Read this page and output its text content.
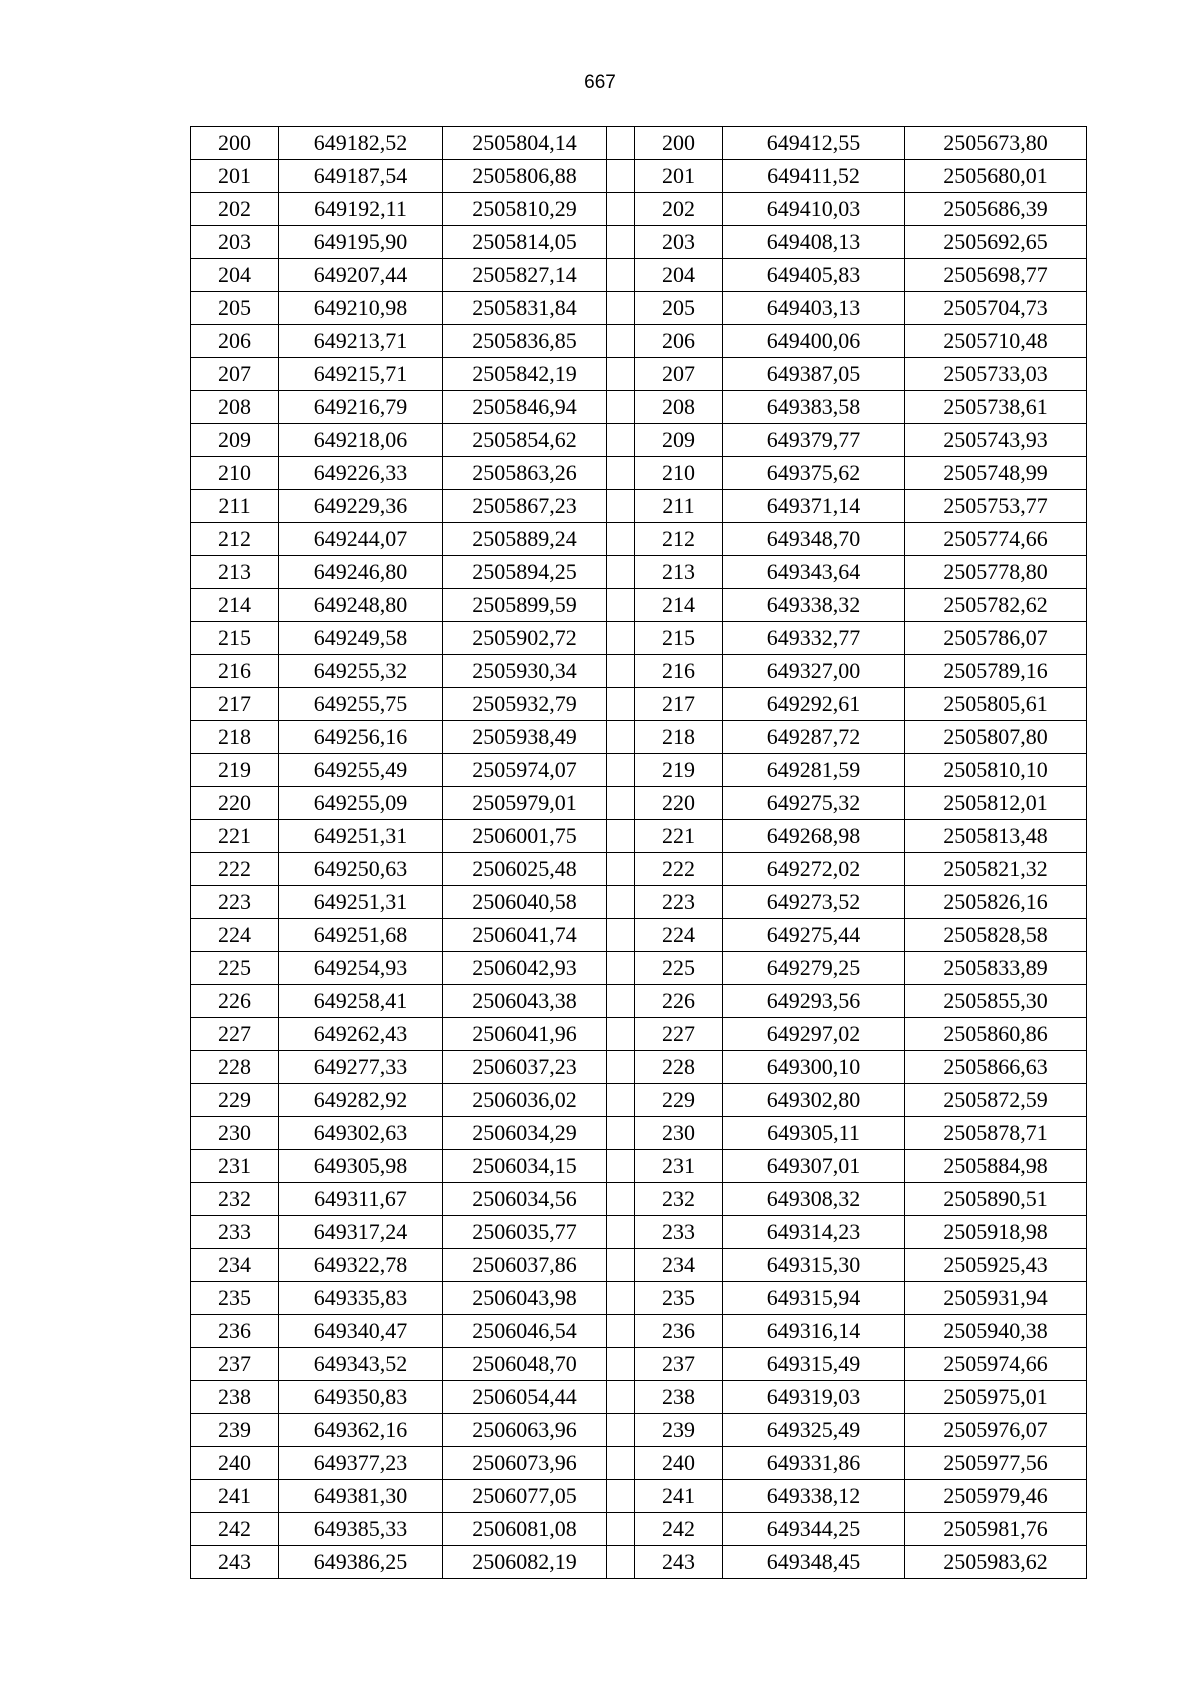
667
200	649182,52	2505804,14		200	649412,55	2505673,80
201	649187,54	2505806,88		201	649411,52	2505680,01
202	649192,11	2505810,29		202	649410,03	2505686,39
203	649195,90	2505814,05		203	649408,13	2505692,65
204	649207,44	2505827,14		204	649405,83	2505698,77
205	649210,98	2505831,84		205	649403,13	2505704,73
206	649213,71	2505836,85		206	649400,06	2505710,48
207	649215,71	2505842,19		207	649387,05	2505733,03
208	649216,79	2505846,94		208	649383,58	2505738,61
209	649218,06	2505854,62		209	649379,77	2505743,93
210	649226,33	2505863,26		210	649375,62	2505748,99
211	649229,36	2505867,23		211	649371,14	2505753,77
212	649244,07	2505889,24		212	649348,70	2505774,66
213	649246,80	2505894,25		213	649343,64	2505778,80
214	649248,80	2505899,59		214	649338,32	2505782,62
215	649249,58	2505902,72		215	649332,77	2505786,07
216	649255,32	2505930,34		216	649327,00	2505789,16
217	649255,75	2505932,79		217	649292,61	2505805,61
218	649256,16	2505938,49		218	649287,72	2505807,80
219	649255,49	2505974,07		219	649281,59	2505810,10
220	649255,09	2505979,01		220	649275,32	2505812,01
221	649251,31	2506001,75		221	649268,98	2505813,48
222	649250,63	2506025,48		222	649272,02	2505821,32
223	649251,31	2506040,58		223	649273,52	2505826,16
224	649251,68	2506041,74		224	649275,44	2505828,58
225	649254,93	2506042,93		225	649279,25	2505833,89
226	649258,41	2506043,38		226	649293,56	2505855,30
227	649262,43	2506041,96		227	649297,02	2505860,86
228	649277,33	2506037,23		228	649300,10	2505866,63
229	649282,92	2506036,02		229	649302,80	2505872,59
230	649302,63	2506034,29		230	649305,11	2505878,71
231	649305,98	2506034,15		231	649307,01	2505884,98
232	649311,67	2506034,56		232	649308,32	2505890,51
233	649317,24	2506035,77		233	649314,23	2505918,98
234	649322,78	2506037,86		234	649315,30	2505925,43
235	649335,83	2506043,98		235	649315,94	2505931,94
236	649340,47	2506046,54		236	649316,14	2505940,38
237	649343,52	2506048,70		237	649315,49	2505974,66
238	649350,83	2506054,44		238	649319,03	2505975,01
239	649362,16	2506063,96		239	649325,49	2505976,07
240	649377,23	2506073,96		240	649331,86	2505977,56
241	649381,30	2506077,05		241	649338,12	2505979,46
242	649385,33	2506081,08		242	649344,25	2505981,76
243	649386,25	2506082,19		243	649348,45	2505983,62
